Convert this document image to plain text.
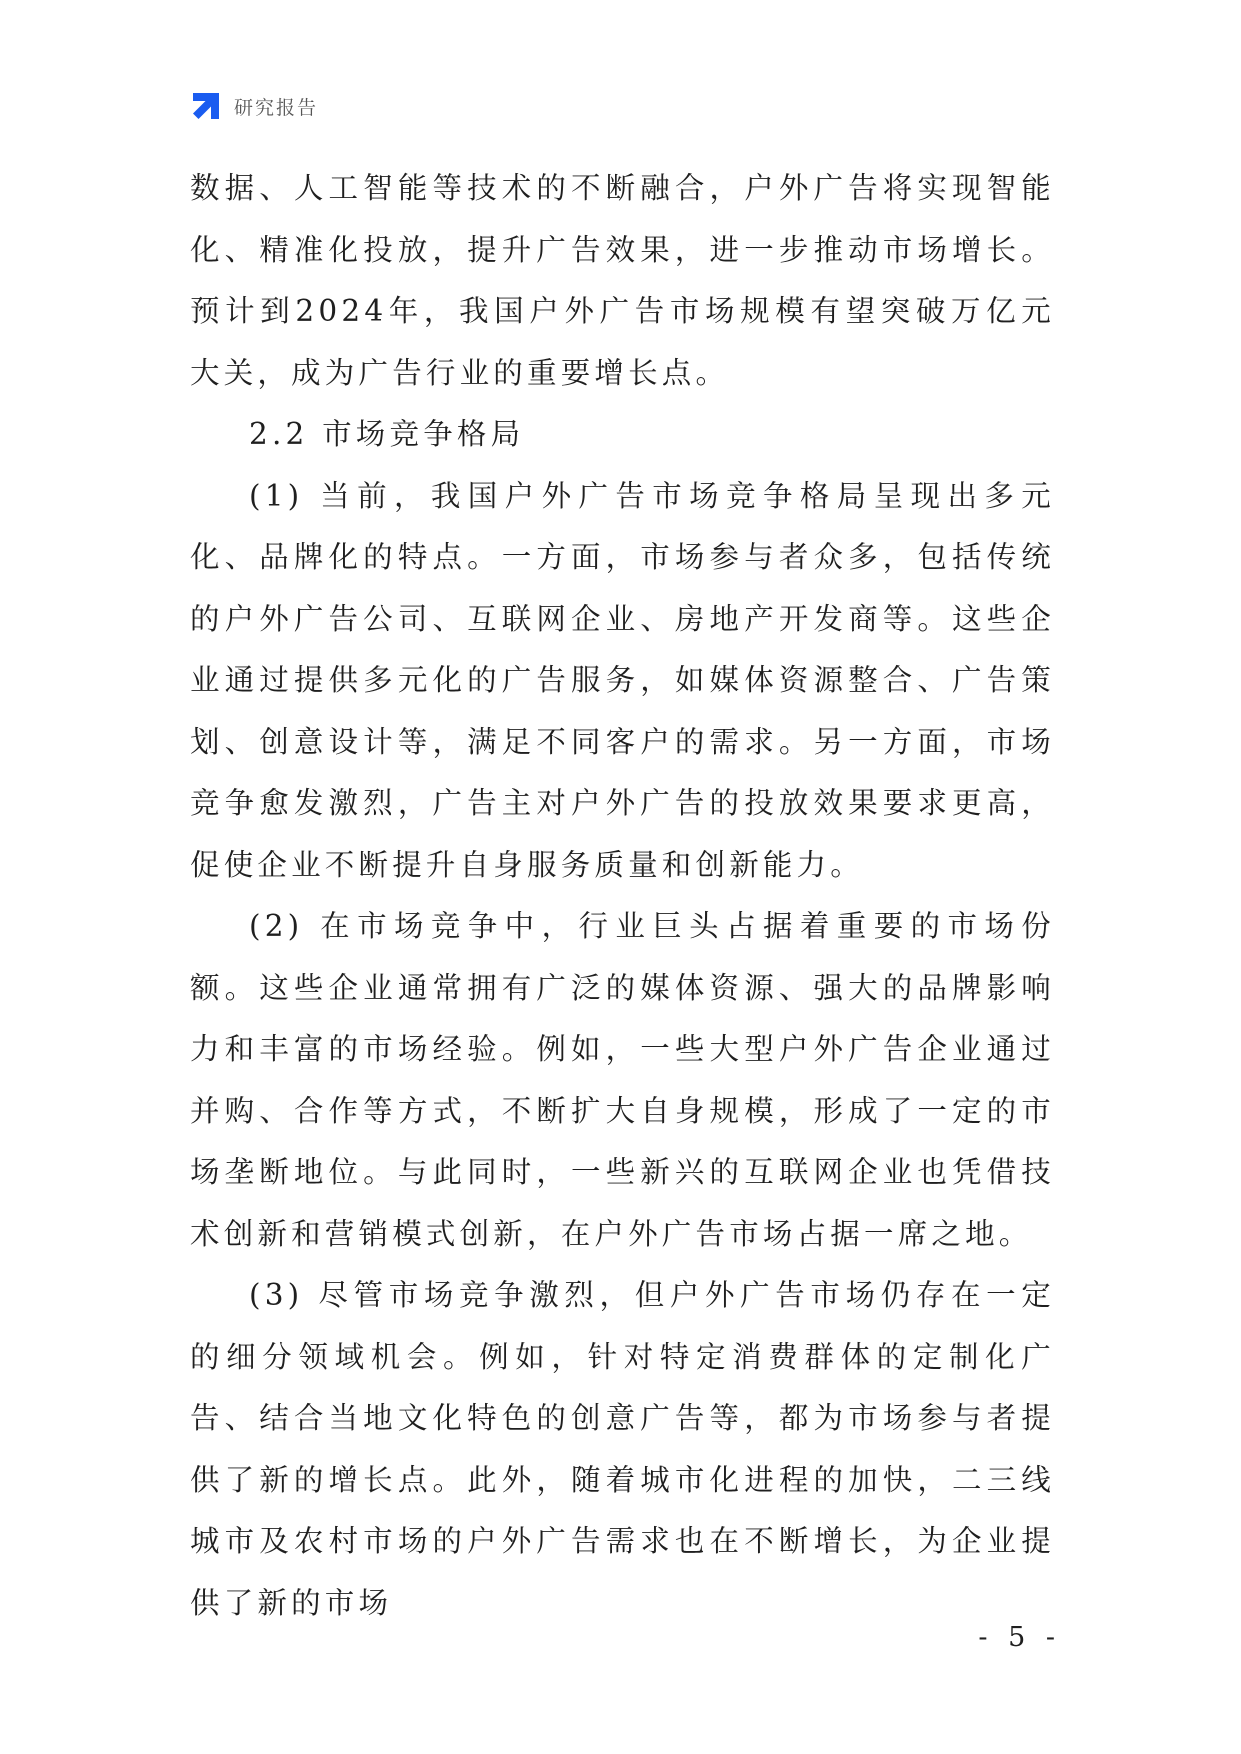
研究报告

数据、人工智能等技术的不断融合，户外广告将实现智能化、精准化投放，提升广告效果，进一步推动市场增长。预计到2024年，我国户外广告市场规模有望突破万亿元大关，成为广告行业的重要增长点。

2.2 市场竞争格局

(1) 当前，我国户外广告市场竞争格局呈现出多元化、品牌化的特点。一方面，市场参与者众多，包括传统的户外广告公司、互联网企业、房地产开发商等。这些企业通过提供多元化的广告服务，如媒体资源整合、广告策划、创意设计等，满足不同客户的需求。另一方面，市场竞争愈发激烈，广告主对户外广告的投放效果要求更高，促使企业不断提升自身服务质量和创新能力。

(2) 在市场竞争中，行业巨头占据着重要的市场份额。这些企业通常拥有广泛的媒体资源、强大的品牌影响力和丰富的市场经验。例如，一些大型户外广告企业通过并购、合作等方式，不断扩大自身规模，形成了一定的市场垄断地位。与此同时，一些新兴的互联网企业也凭借技术创新和营销模式创新，在户外广告市场占据一席之地。

(3) 尽管市场竞争激烈，但户外广告市场仍存在一定的细分领域机会。例如，针对特定消费群体的定制化广告、结合当地文化特色的创意广告等，都为市场参与者提供了新的增长点。此外，随着城市化进程的加快，二三线城市及农村市场的户外广告需求也在不断增长，为企业提供了新的市场

- 5 -
